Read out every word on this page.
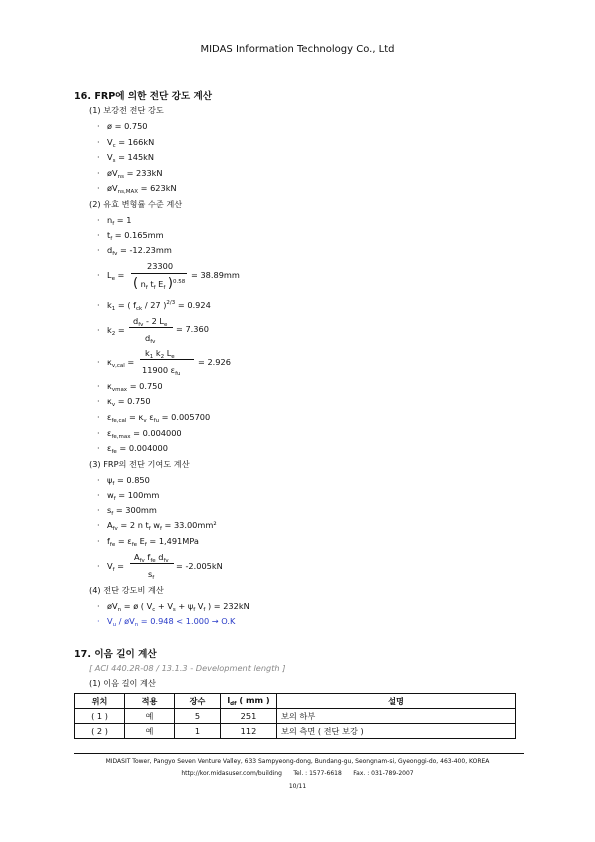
MIDAS Information Technology Co., Ltd
16. FRP에 의한 전단 강도 계산
(1) 보강전 전단 강도
· ø = 0.750
· $V_c = 166kN$
· $V_s = 145kN$
· $øV_{ns} = 233kN$
· $øV_{ns,MAX} = 623kN$
(2) 유효 변형률 수준 계산
· $n_f = 1$
· $t_f = 0.165mm$
· $d_{fv} = -12.23mm$
· $L_e$ =
23300
( $n_f$ $t_f$ $E_f$ )$^{0.58}$
= 38.89mm
· $k_1$ = ( $f_{ck} / 27$ )$^{2/3}$ = 0.924
· $k_2$ =
$d_{fv} - 2$ $L_e$
$d_{fv}$
= 7.360
· $\kappa_{v,cal}$ =
$k_1$ $k_2$ $L_e$
11900 $\varepsilon_{fu}$
= 2.926
· $\kappa_{vmax} = 0.750$
· $\kappa_v = 0.750$
· $\varepsilon_{fe,cal} = \kappa_v$ $\varepsilon_{fu} = 0.005700$
· $\varepsilon_{fe,max} = 0.004000$
· $\varepsilon_{fe} = 0.004000$
(3) FRP의 전단 기여도 계산
· $\psi_f = 0.850$
· $w_f = 100mm$
· $s_f = 300mm$
· $A_{fv} = 2$ n $t_f$ $w_f = 33.00mm^2$
· $f_{fe} = \varepsilon_{fe}$ $E_f = 1,491MPa$
· $V_f$ =
$A_{fv}$ $f_{fe}$ $d_{fv}$
$s_f$
= -2.005kN
(4) 전단 강도비 계산
· $øV_n$ = ø ( $V_c + V_s + \psi_f$ $V_f$ ) = 232kN
· $V_u$ / $øV_n = 0.948 < 1.000 \to O.K$
17. 이음 길이 계산
[ ACI 440.2R-08 / 13.1.3 - Development length ]
(1) 이음 길이 계산
위치	적용	장수	$l_{df}$ ( mm )	설명
( 1 )	예	5	251	보의 하부
( 2 )	예	1	112	보의 측면 ( 전단 보강 )
MIDASIT Tower, Pangyo Seven Venture Valley, 633 Sampyeong-dong, Bundang-gu, Seongnam-si, Gyeonggi-do, 463-400, KOREA
http://kor.midasuser.com/building      Tel. : 1577-6618      Fax. : 031-789-2007
10/11
